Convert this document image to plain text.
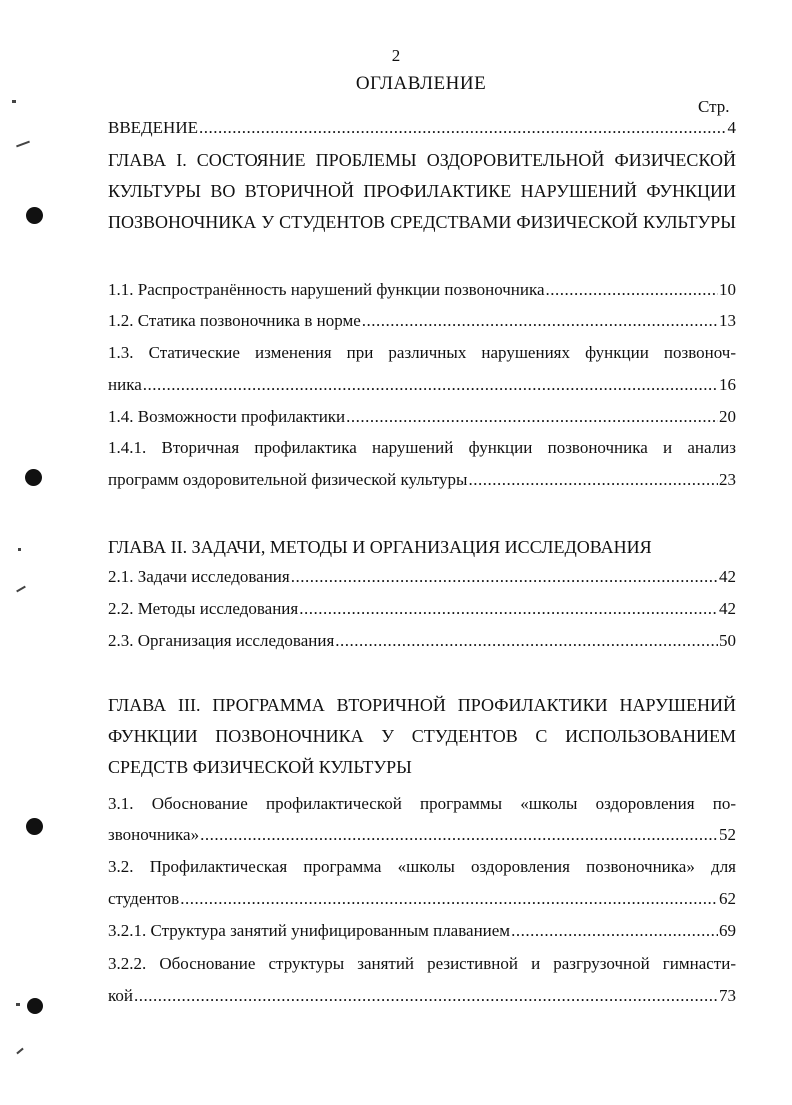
2
ОГЛАВЛЕНИЕ
Стр.
ВВЕДЕНИЕ .....	4
ГЛАВА I. СОСТОЯНИЕ ПРОБЛЕМЫ ОЗДОРОВИТЕЛЬНОЙ ФИЗИЧЕСКОЙ
КУЛЬТУРЫ ВО ВТОРИЧНОЙ ПРОФИЛАКТИКЕ НАРУШЕНИЙ ФУНКЦИИ
ПОЗВОНОЧНИКА У СТУДЕНТОВ СРЕДСТВАМИ ФИЗИЧЕСКОЙ КУЛЬТУРЫ
1.1. Распространённость нарушений функции позвоночника .....	10
1.2. Статика позвоночника в норме .....	13
1.3. Статические изменения при различных нарушениях функции позвоноч-
ника .....	16
1.4. Возможности профилактики .....	20
1.4.1. Вторичная профилактика нарушений функции позвоночника и анализ
программ оздоровительной физической культуры .....	23
ГЛАВА II. ЗАДАЧИ, МЕТОДЫ И ОРГАНИЗАЦИЯ ИССЛЕДОВАНИЯ
2.1. Задачи исследования .....	42
2.2. Методы исследования .....	42
2.3. Организация исследования .....	50
ГЛАВА III. ПРОГРАММА ВТОРИЧНОЙ ПРОФИЛАКТИКИ НАРУШЕНИЙ
ФУНКЦИИ ПОЗВОНОЧНИКА У СТУДЕНТОВ С ИСПОЛЬЗОВАНИЕМ
СРЕДСТВ ФИЗИЧЕСКОЙ КУЛЬТУРЫ
3.1. Обоснование профилактической программы «школы оздоровления по-
звоночника» .....	52
3.2. Профилактическая программа «школы оздоровления позвоночника» для
студентов .....	62
3.2.1. Структура занятий унифицированным плаванием .....	69
3.2.2. Обоснование структуры занятий резистивной и разгрузочной гимнасти-
кой .....	73
